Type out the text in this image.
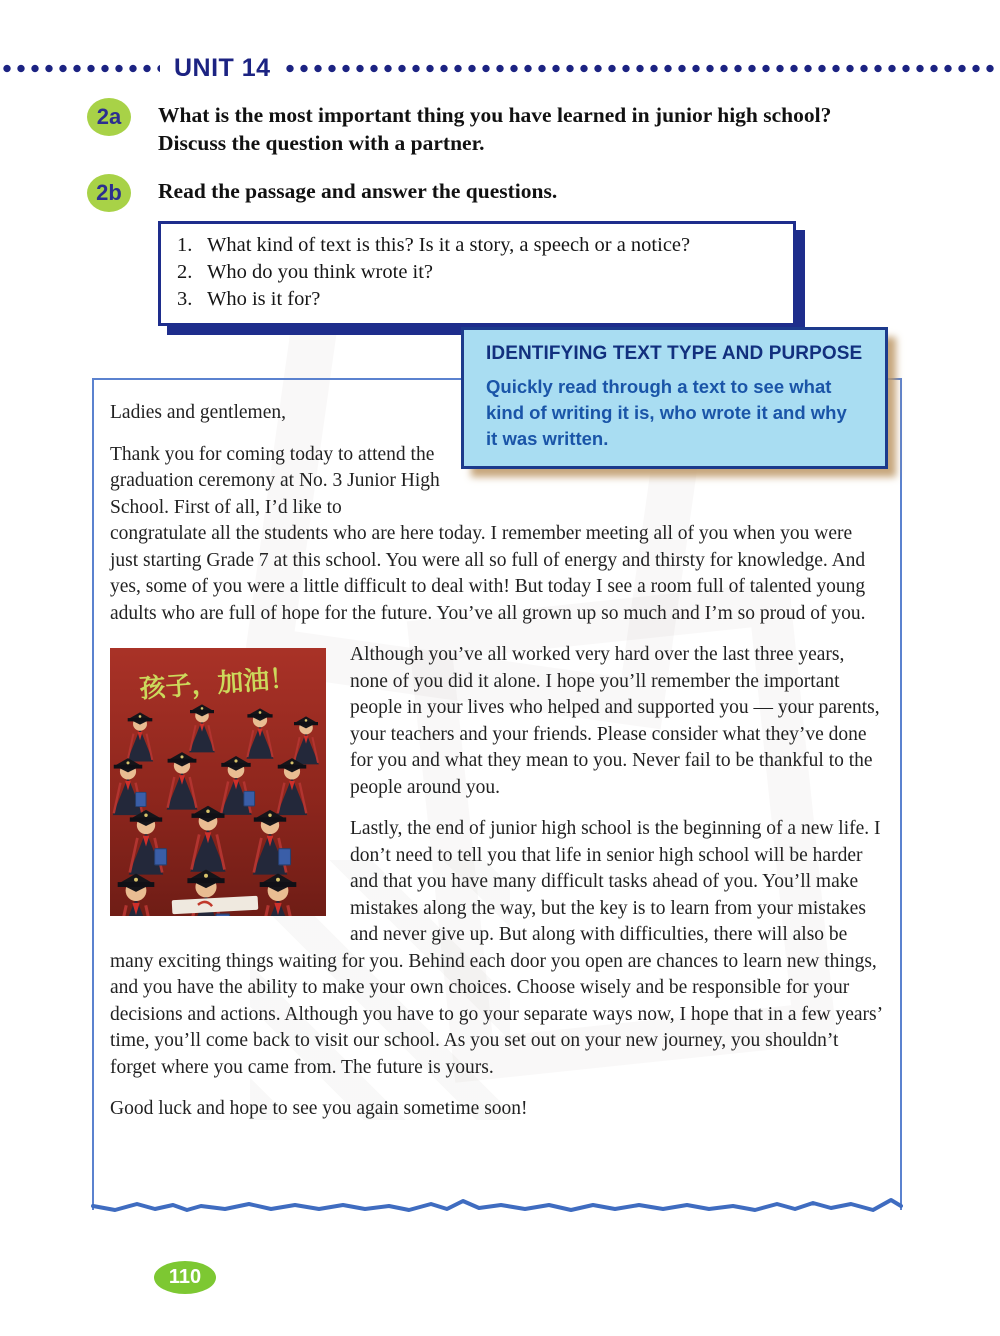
UNIT 14
2a What is the most important thing you have learned in junior high school? Discuss the question with a partner.
2b Read the passage and answer the questions.
1. What kind of text is this? Is it a story, a speech or a notice?
2. Who do you think wrote it?
3. Who is it for?
IDENTIFYING TEXT TYPE AND PURPOSE
Quickly read through a text to see what kind of writing it is, who wrote it and why it was written.

Ladies and gentlemen,

Thank you for coming today to attend the graduation ceremony at No. 3 Junior High School. First of all, I’d like to congratulate all the students who are here today. I remember meeting all of you when you were just starting Grade 7 at this school. You were all so full of energy and thirsty for knowledge. And yes, some of you were a little difficult to deal with! But today I see a room full of talented young adults who are full of hope for the future. You’ve all grown up so much and I’m so proud of you.

孩子，加油！

Although you’ve all worked very hard over the last three years, none of you did it alone. I hope you’ll remember the important people in your lives who helped and supported you — your parents, your teachers and your friends. Please consider what they’ve done for you and what they mean to you. Never fail to be thankful to the people around you.

Lastly, the end of junior high school is the beginning of a new life. I don’t need to tell you that life in senior high school will be harder and that you have many difficult tasks ahead of you. You’ll make mistakes along the way, but the key is to learn from your mistakes and never give up. But along with difficulties, there will also be many exciting things waiting for you. Behind each door you open are chances to learn new things, and you have the ability to make your own choices. Choose wisely and be responsible for your decisions and actions. Although you have to go your separate ways now, I hope that in a few years’ time, you’ll come back to visit our school. As you set out on your new journey, you shouldn’t forget where you came from. The future is yours.

Good luck and hope to see you again sometime soon!

110
